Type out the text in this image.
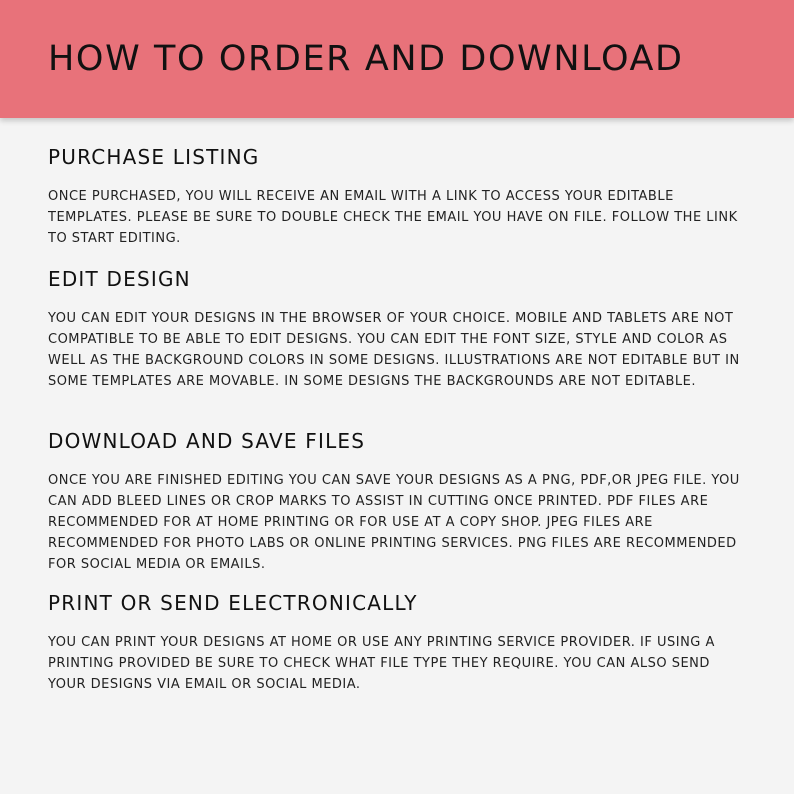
HOW TO ORDER AND DOWNLOAD
PURCHASE LISTING

ONCE PURCHASED, YOU WILL RECEIVE AN EMAIL WITH A LINK TO ACCESS YOUR EDITABLE TEMPLATES. PLEASE BE SURE TO DOUBLE CHECK THE EMAIL YOU HAVE ON FILE. FOLLOW THE LINK TO START EDITING.

EDIT DESIGN

YOU CAN EDIT YOUR DESIGNS IN THE BROWSER OF YOUR CHOICE. MOBILE AND TABLETS ARE NOT COMPATIBLE TO BE ABLE TO EDIT DESIGNS. YOU CAN EDIT THE FONT SIZE, STYLE AND COLOR AS WELL AS THE BACKGROUND COLORS IN SOME DESIGNS. ILLUSTRATIONS ARE NOT EDITABLE BUT IN SOME TEMPLATES ARE MOVABLE. IN SOME DESIGNS THE BACKGROUNDS ARE NOT EDITABLE.

DOWNLOAD AND SAVE FILES

ONCE YOU ARE FINISHED EDITING YOU CAN SAVE YOUR DESIGNS AS A PNG, PDF,OR JPEG FILE. YOU CAN ADD BLEED LINES OR CROP MARKS TO ASSIST IN CUTTING ONCE PRINTED. PDF FILES ARE RECOMMENDED FOR AT HOME PRINTING OR FOR USE AT A COPY SHOP. JPEG FILES ARE RECOMMENDED FOR PHOTO LABS OR ONLINE PRINTING SERVICES. PNG FILES ARE RECOMMENDED FOR SOCIAL MEDIA OR EMAILS.

PRINT OR SEND ELECTRONICALLY

YOU CAN PRINT YOUR DESIGNS AT HOME OR USE ANY PRINTING SERVICE PROVIDER. IF USING A PRINTING PROVIDED BE SURE TO CHECK WHAT FILE TYPE THEY REQUIRE. YOU CAN ALSO SEND YOUR DESIGNS VIA EMAIL OR SOCIAL MEDIA.
